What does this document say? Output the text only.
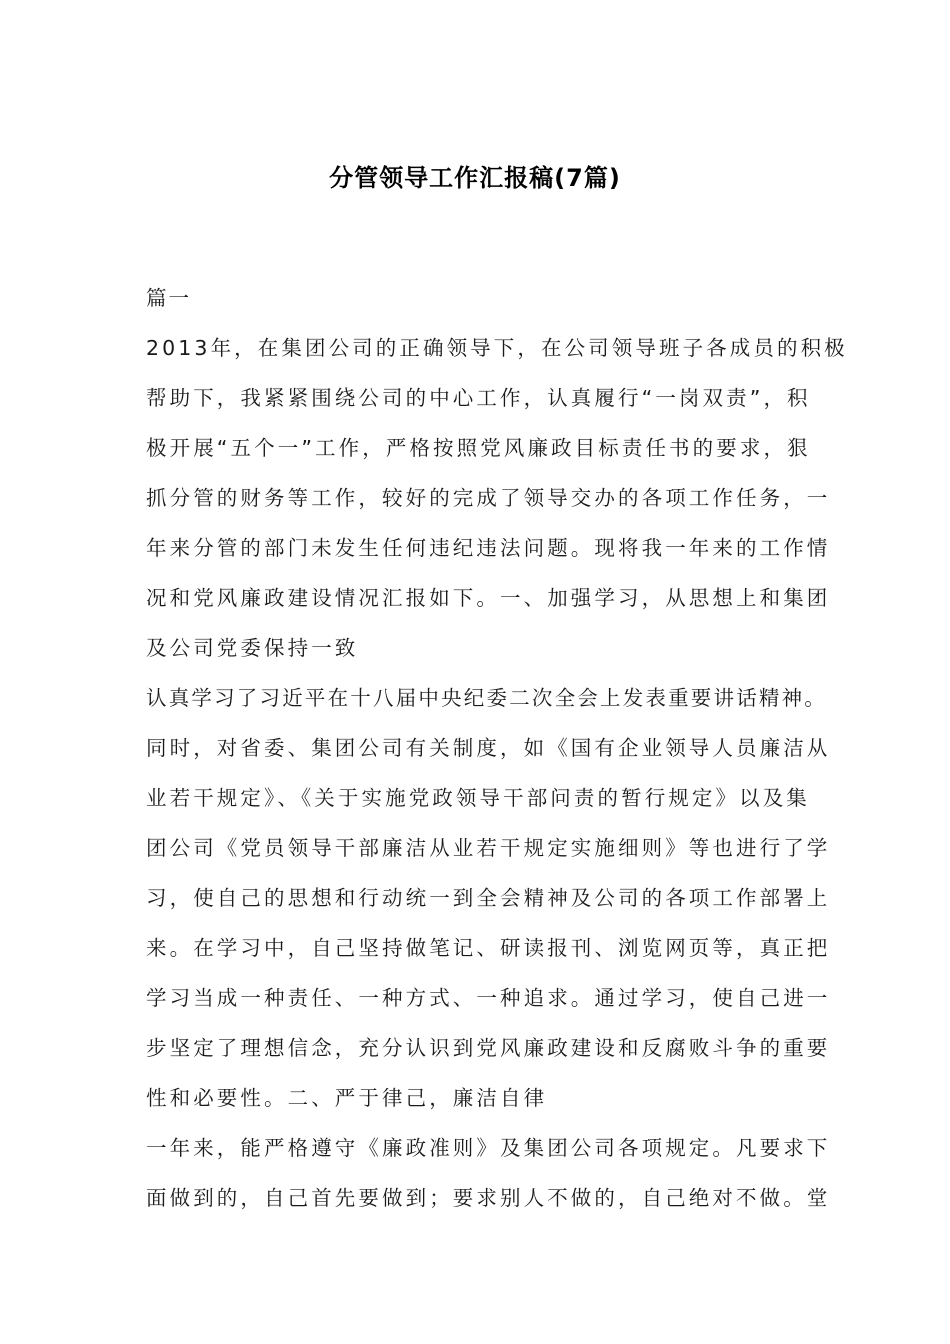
分管领导工作汇报稿(7篇)
篇一
2013年，在集团公司的正确领导下，在公司领导班子各成员的积极
帮助下，我紧紧围绕公司的中心工作，认真履行“一岗双责”，积
极开展“五个一”工作，严格按照党风廉政目标责任书的要求，狠
抓分管的财务等工作，较好的完成了领导交办的各项工作任务，一
年来分管的部门未发生任何违纪违法问题。现将我一年来的工作情
况和党风廉政建设情况汇报如下。一、加强学习，从思想上和集团
及公司党委保持一致
认真学习了习近平在十八届中央纪委二次全会上发表重要讲话精神。
同时，对省委、集团公司有关制度，如《国有企业领导人员廉洁从
业若干规定》、《关于实施党政领导干部问责的暂行规定》以及集
团公司《党员领导干部廉洁从业若干规定实施细则》等也进行了学
习，使自己的思想和行动统一到全会精神及公司的各项工作部署上
来。在学习中，自己坚持做笔记、研读报刊、浏览网页等，真正把
学习当成一种责任、一种方式、一种追求。通过学习，使自己进一
步坚定了理想信念，充分认识到党风廉政建设和反腐败斗争的重要
性和必要性。二、严于律己，廉洁自律
一年来，能严格遵守《廉政准则》及集团公司各项规定。凡要求下
面做到的，自己首先要做到；要求别人不做的，自己绝对不做。堂
